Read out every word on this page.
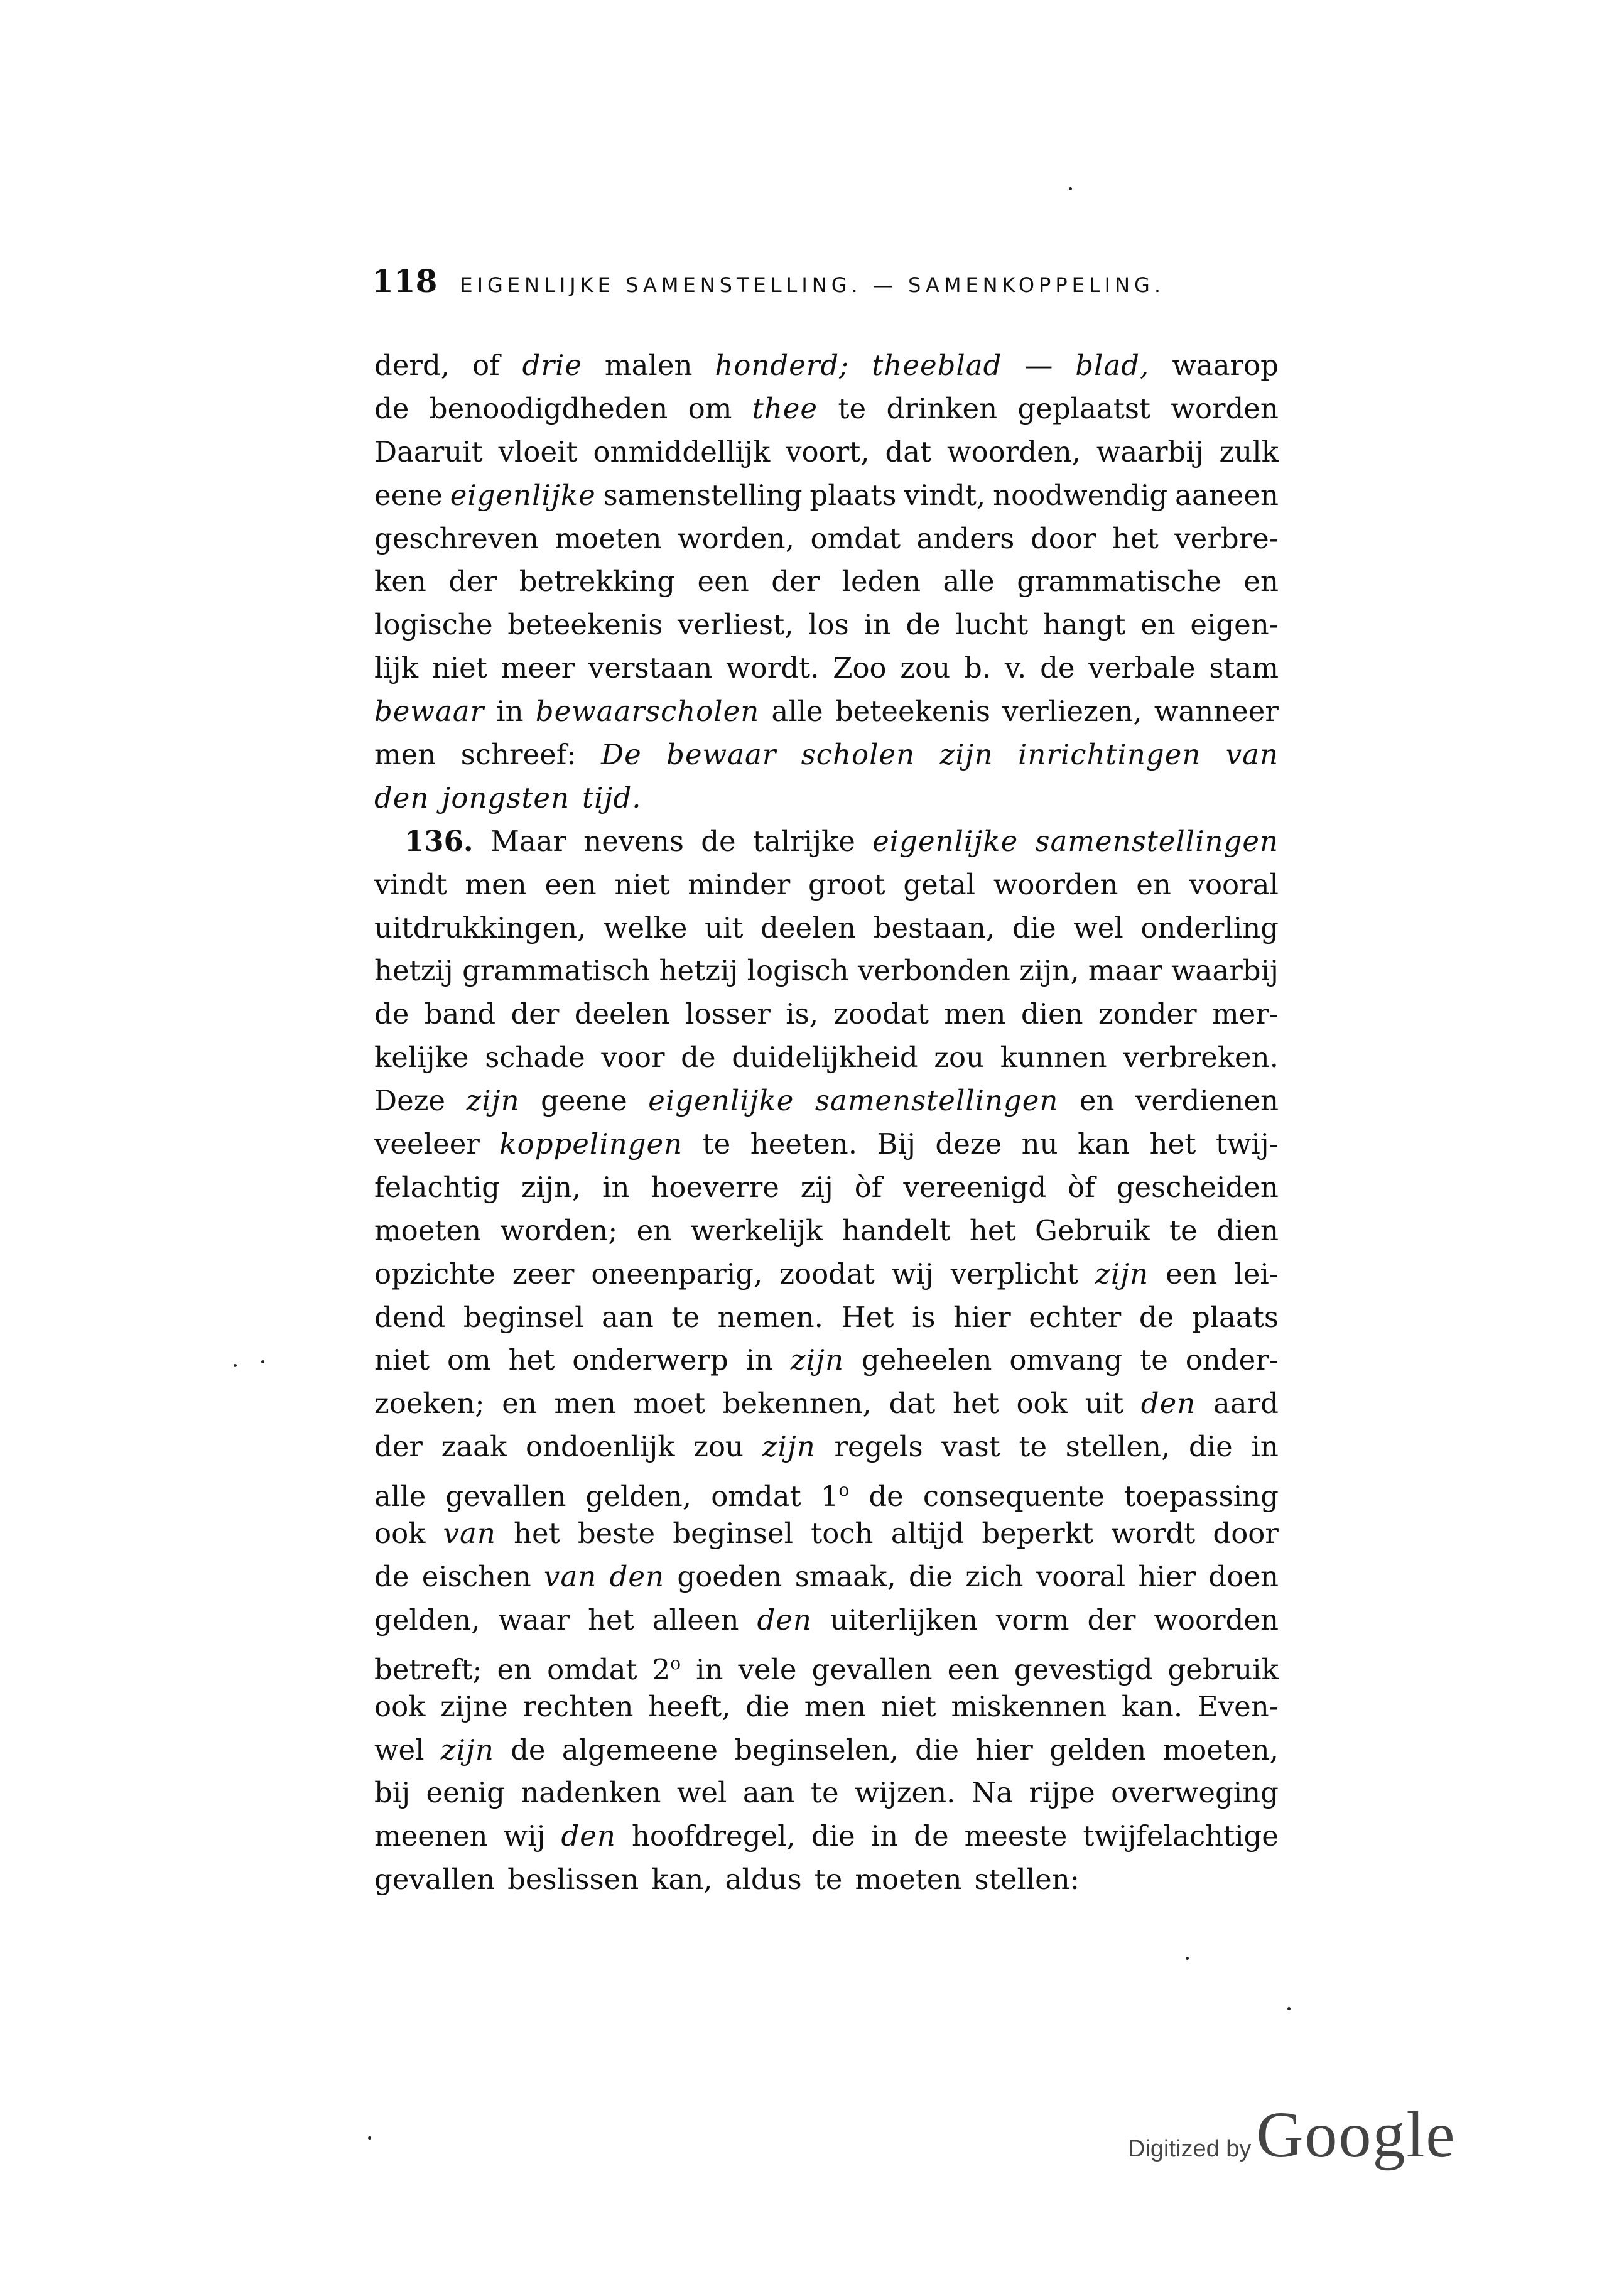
118 EIGENLIJKE SAMENSTELLING. — SAMENKOPPELING.
derd, of drie malen honderd; theeblad — blad, waarop
de benoodigdheden om thee te drinken geplaatst worden
Daaruit vloeit onmiddellijk voort, dat woorden, waarbij zulk
eene eigenlijke samenstelling plaats vindt, noodwendig aaneen
geschreven moeten worden, omdat anders door het verbre-
ken der betrekking een der leden alle grammatische en
logische beteekenis verliest, los in de lucht hangt en eigen-
lijk niet meer verstaan wordt. Zoo zou b. v. de verbale stam
bewaar in bewaarscholen alle beteekenis verliezen, wanneer
men schreef: De bewaar scholen zijn inrichtingen van
den jongsten tijd.
136. Maar nevens de talrijke eigenlijke samenstellingen
vindt men een niet minder groot getal woorden en vooral
uitdrukkingen, welke uit deelen bestaan, die wel onderling
hetzij grammatisch hetzij logisch verbonden zijn, maar waarbij
de band der deelen losser is, zoodat men dien zonder mer-
kelijke schade voor de duidelijkheid zou kunnen verbreken.
Deze zijn geene eigenlijke samenstellingen en verdienen
veeleer koppelingen te heeten. Bij deze nu kan het twij-
felachtig zijn, in hoeverre zij òf vereenigd òf gescheiden
moeten worden; en werkelijk handelt het Gebruik te dien
opzichte zeer oneenparig, zoodat wij verplicht zijn een lei-
dend beginsel aan te nemen. Het is hier echter de plaats
niet om het onderwerp in zijn geheelen omvang te onder-
zoeken; en men moet bekennen, dat het ook uit den aard
der zaak ondoenlijk zou zijn regels vast te stellen, die in
alle gevallen gelden, omdat 1$^o$ de consequente toepassing
ook van het beste beginsel toch altijd beperkt wordt door
de eischen van den goeden smaak, die zich vooral hier doen
gelden, waar het alleen den uiterlijken vorm der woorden
betreft; en omdat 2$^o$ in vele gevallen een gevestigd gebruik
ook zijne rechten heeft, die men niet miskennen kan. Even-
wel zijn de algemeene beginselen, die hier gelden moeten,
bij eenig nadenken wel aan te wijzen. Na rijpe overweging
meenen wij den hoofdregel, die in de meeste twijfelachtige
gevallen beslissen kan, aldus te moeten stellen:
Digitized by Google
